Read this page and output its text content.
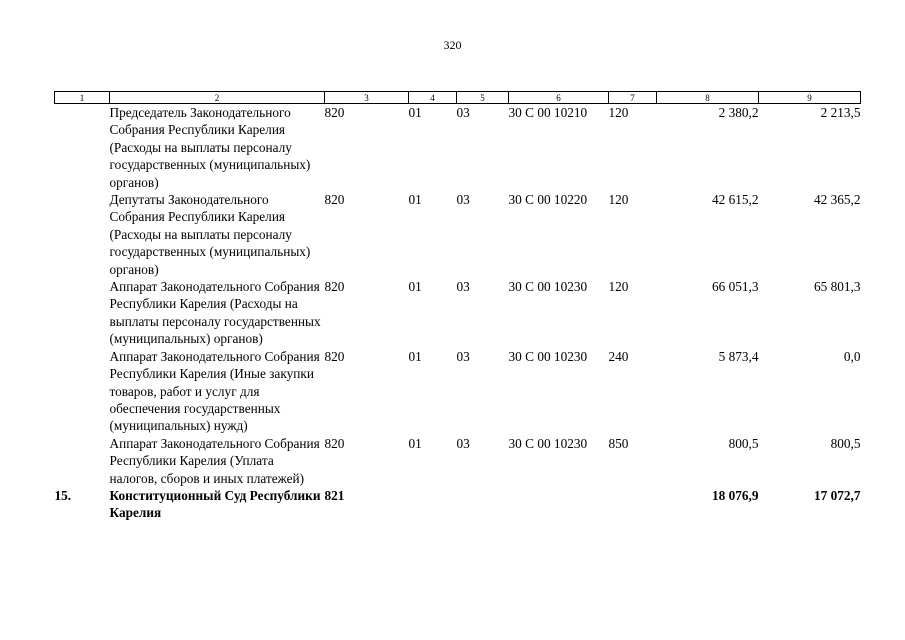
320
1	2	3	4	5	6	7	8	9
	Председатель Законодательного Собрания Республики Карелия (Расходы на выплаты персоналу государственных (муниципальных) органов)	820	01	03	30 С 00 10210	120	2 380,2	2 213,5
	Депутаты Законодательного Собрания Республики Карелия (Расходы на выплаты персоналу государственных (муниципальных) органов)	820	01	03	30 С 00 10220	120	42 615,2	42 365,2
	Аппарат Законодательного Собрания Республики Карелия (Расходы на выплаты персоналу государственных (муниципальных) органов)	820	01	03	30 С 00 10230	120	66 051,3	65 801,3
	Аппарат Законодательного Собрания Республики Карелия (Иные закупки товаров, работ и услуг для обеспечения государственных (муниципальных) нужд)	820	01	03	30 С 00 10230	240	5 873,4	0,0
	Аппарат Законодательного Собрания Республики Карелия (Уплата налогов, сборов и иных платежей)	820	01	03	30 С 00 10230	850	800,5	800,5
15.	Конституционный Суд Республики Карелия	821					18 076,9	17 072,7
